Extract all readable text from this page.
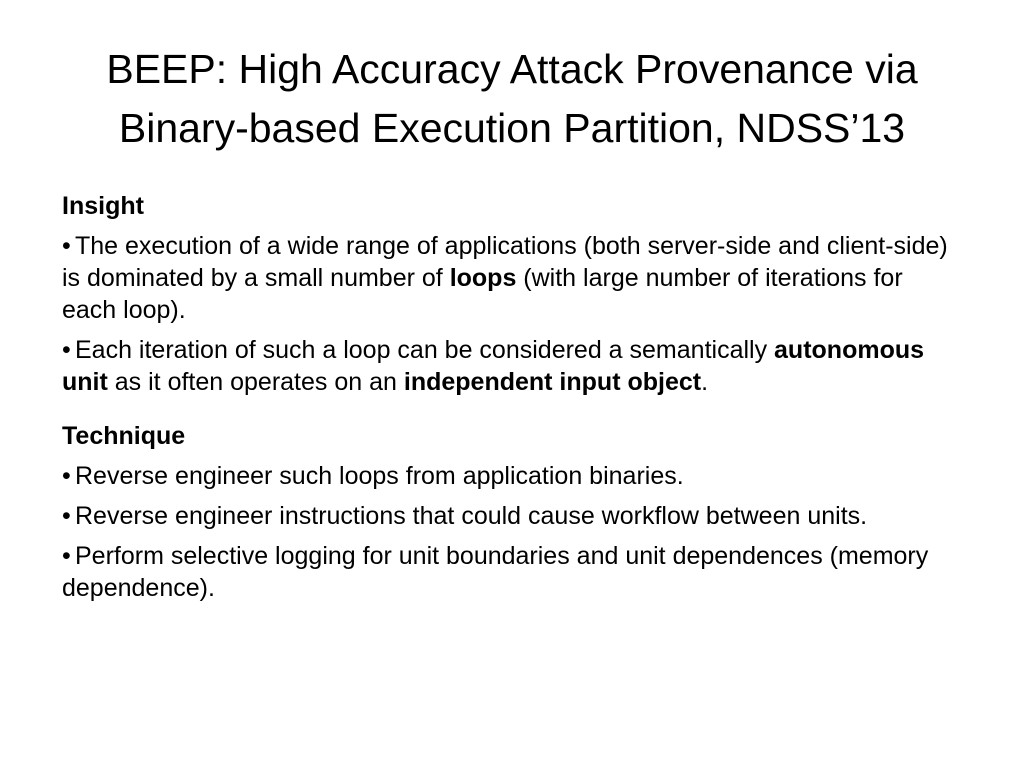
BEEP: High Accuracy Attack Provenance via
Binary-based Execution Partition, NDSS’13
Insight
• The execution of a wide range of applications (both server-side and client-side) is dominated by a small number of loops (with large number of iterations for each loop).
• Each iteration of such a loop can be considered a semantically autonomous unit as it often operates on an independent input object.
Technique
• Reverse engineer such loops from application binaries.
• Reverse engineer instructions that could cause workflow between units.
• Perform selective logging for unit boundaries and unit dependences (memory dependence).
